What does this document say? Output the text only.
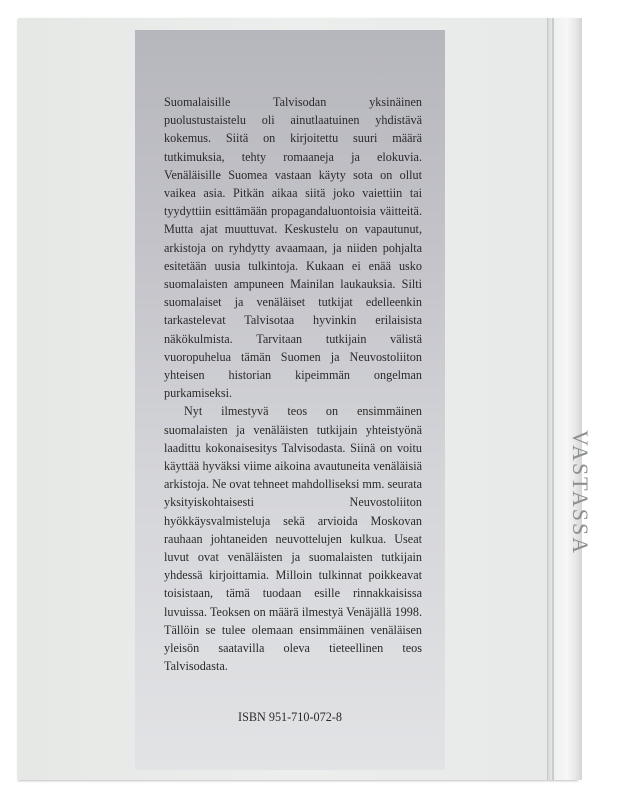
VASTASSA

Suomalaisille Talvisodan yksinäinen puolustustaistelu oli ainutlaatuinen yhdistävä kokemus. Siitä on kirjoitettu suuri määrä tutkimuksia, tehty romaaneja ja elokuvia. Venäläisille Suomea vastaan käyty sota on ollut vaikea asia. Pitkän aikaa siitä joko vaiettiin tai tyydyttiin esittämään propagandaluontoisia väitteitä. Mutta ajat muuttuvat. Keskustelu on vapautunut, arkistoja on ryhdytty avaamaan, ja niiden pohjalta esitetään uusia tulkintoja. Kukaan ei enää usko suomalaisten ampuneen Mainilan laukauksia. Silti suomalaiset ja venäläiset tutkijat edelleenkin tarkastelevat Talvisotaa hyvinkin erilaisista näkökulmista. Tarvitaan tutkijain välistä vuoropuhelua tämän Suomen ja Neuvostoliiton yhteisen historian kipeimmän ongelman purkamiseksi.

Nyt ilmestyvä teos on ensimmäinen suomalaisten ja venäläisten tutkijain yhteistyönä laadittu kokonaisesitys Talvisodasta. Siinä on voitu käyttää hyväksi viime aikoina avautuneita venäläisiä arkistoja. Ne ovat tehneet mahdolliseksi mm. seurata yksityiskohtaisesti Neuvostoliiton hyökkäysvalmisteluja sekä arvioida Moskovan rauhaan johtaneiden neuvottelujen kulkua. Useat luvut ovat venäläisten ja suomalaisten tutkijain yhdessä kirjoittamia. Milloin tulkinnat poikkeavat toisistaan, tämä tuodaan esille rinnakkaisissa luvuissa. Teoksen on määrä ilmestyä Venäjällä 1998. Tällöin se tulee olemaan ensimmäinen venäläisen yleisön saatavilla oleva tieteellinen teos Talvisodasta.

ISBN 951-710-072-8
